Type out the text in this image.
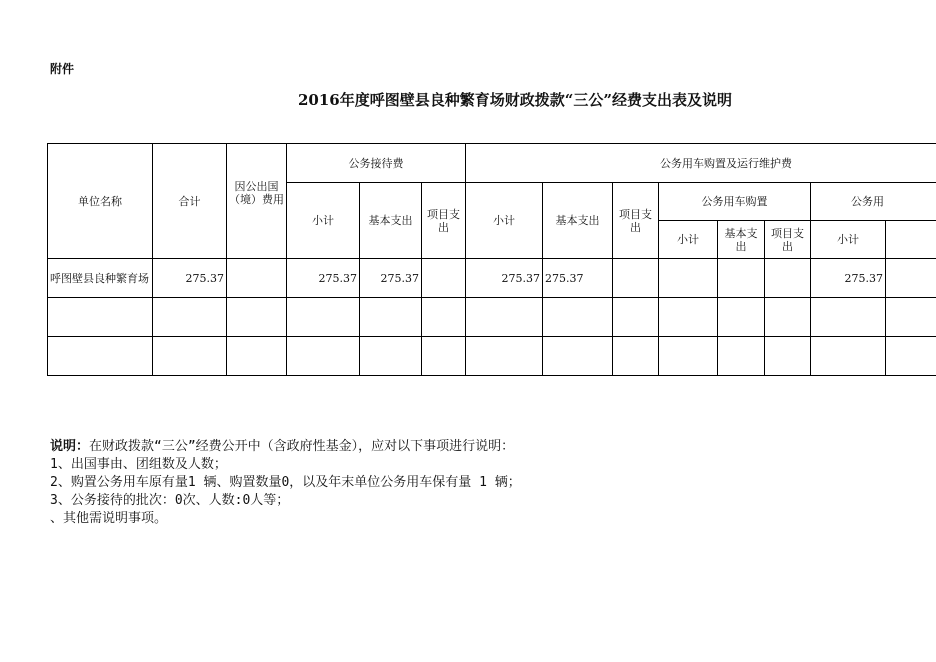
附件
2016年度呼图壁县良种繁育场财政拨款“三公”经费支出表及说明
单位名称	合计	因公出国（境）费用	公务接待费			公务用车购置及运行维护费							
			小计	基本支出	项目支出	小计	基本支出	项目支出	公务用车购置			公务用	
									小计	基本支出	项目支出	小计	
呼图壁县良种繁育场	275.37		275.37	275.37		275.37	275.37					275.37	

说明：在财政拨款“三公”经费公开中（含政府性基金），应对以下事项进行说明：
1、出国事由、团组数及人数；
2、购置公务用车原有量1 辆、购置数量0，以及年末单位公务用车保有量 1 辆；
3、公务接待的批次：0次、人数:0人等；
、其他需说明事项。
